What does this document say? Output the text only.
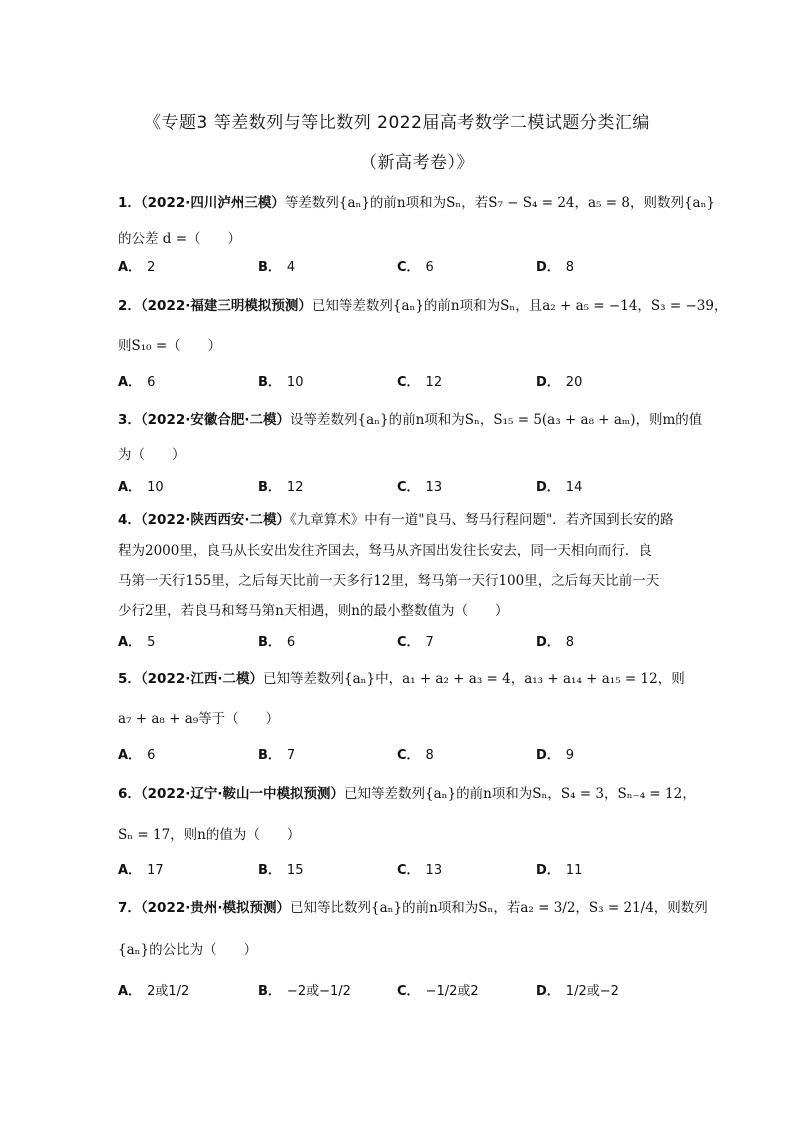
《专题3 等差数列与等比数列 2022届高考数学二模试题分类汇编
（新高考卷）》
1．（2022·四川泸州三模）等差数列{aₙ}的前n项和为Sₙ，若S₇ − S₄ = 24，a₅ = 8，则数列{aₙ}
的公差 d =（　　）
A． 2	B． 4	C． 6	D． 8
2．（2022·福建三明模拟预测）已知等差数列{aₙ}的前n项和为Sₙ，且a₂ + a₅ = −14，S₃ = −39，
则S₁₀ =（　　）
A． 6	B． 10	C． 12	D． 20
3．（2022·安徽合肥·二模）设等差数列{aₙ}的前n项和为Sₙ，S₁₅ = 5(a₃ + a₈ + aₘ)，则m的值
为（　　）
A． 10	B． 12	C． 13	D． 14
4．（2022·陕西西安·二模）《九章算术》中有一道"良马、驽马行程问题"．若齐国到长安的路
程为2000里，良马从长安出发往齐国去，驽马从齐国出发往长安去，同一天相向而行．良
马第一天行155里，之后每天比前一天多行12里，驽马第一天行100里，之后每天比前一天
少行2里，若良马和驽马第n天相遇，则n的最小整数值为（　　）
A． 5	B． 6	C． 7	D． 8
5．（2022·江西·二模）已知等差数列{aₙ}中，a₁ + a₂ + a₃ = 4，a₁₃ + a₁₄ + a₁₅ = 12，则
a₇ + a₈ + a₉等于（　　）
A． 6	B． 7	C． 8	D． 9
6．（2022·辽宁·鞍山一中模拟预测）已知等差数列{aₙ}的前n项和为Sₙ，S₄ = 3，Sₙ₋₄ = 12，
Sₙ = 17，则n的值为（　　）
A． 17	B． 15	C． 13	D． 11
7．（2022·贵州·模拟预测）已知等比数列{aₙ}的前n项和为Sₙ，若a₂ = 3/2，S₃ = 21/4，则数列
{aₙ}的公比为（　　）
A． 2或1/2	B． −2或−1/2	C． −1/2或2	D． 1/2或−2
